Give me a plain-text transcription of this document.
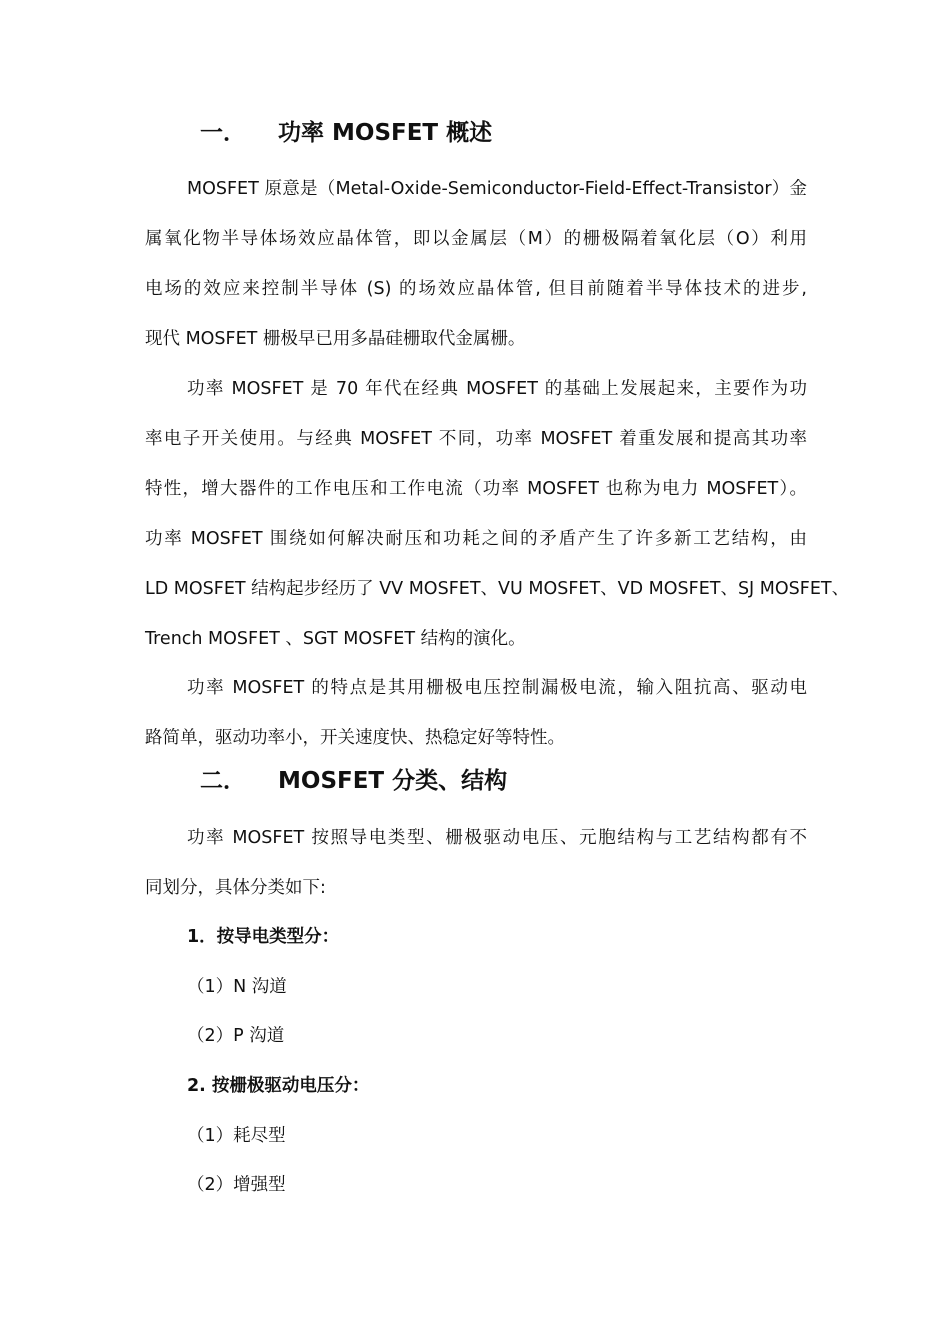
一． 功率 MOSFET 概述
MOSFET 原意是（Metal-Oxide-Semiconductor-Field-Effect-Transistor）金
属氧化物半导体场效应晶体管，即以金属层（M）的栅极隔着氧化层（O）利用
电场的效应来控制半导体 (S) 的场效应晶体管, 但目前随着半导体技术的进步,
现代 MOSFET 栅极早已用多晶硅栅取代金属栅。
功率 MOSFET 是 70 年代在经典 MOSFET 的基础上发展起来，主要作为功
率电子开关使用。与经典 MOSFET 不同，功率 MOSFET 着重发展和提高其功率
特性，增大器件的工作电压和工作电流（功率 MOSFET 也称为电力 MOSFET）。
功率 MOSFET 围绕如何解决耐压和功耗之间的矛盾产生了许多新工艺结构，由
LD MOSFET 结构起步经历了 VV MOSFET、VU MOSFET、VD MOSFET、SJ MOSFET、
Trench MOSFET 、SGT MOSFET 结构的演化。
功率 MOSFET 的特点是其用栅极电压控制漏极电流，输入阻抗高、驱动电
路简单，驱动功率小，开关速度快、热稳定好等特性。
二． MOSFET 分类、结构
功率 MOSFET 按照导电类型、栅极驱动电压、元胞结构与工艺结构都有不
同划分，具体分类如下:
1．按导电类型分：
（1）N 沟道
（2）P 沟道
2. 按栅极驱动电压分：
（1）耗尽型
（2）增强型
